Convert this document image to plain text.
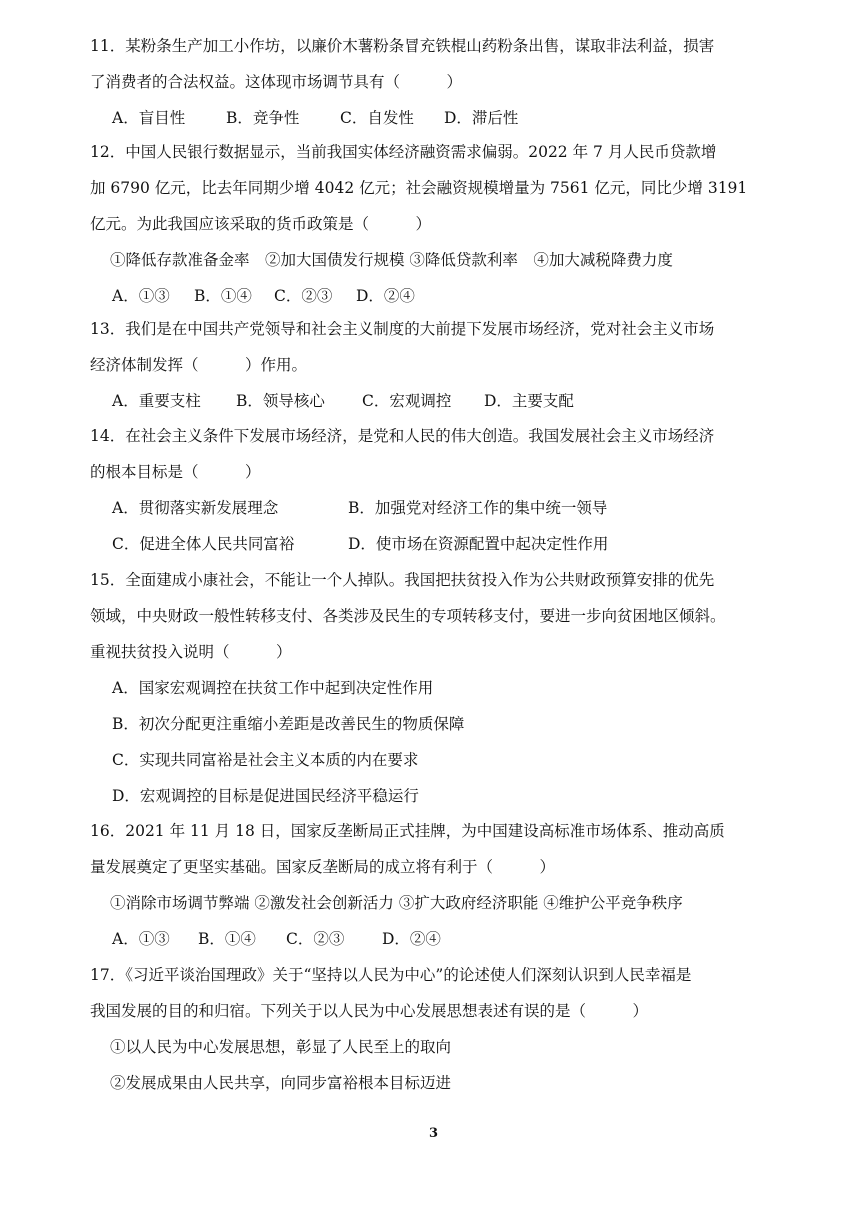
11．某粉条生产加工小作坊，以廉价木薯粉条冒充铁棍山药粉条出售，谋取非法利益，损害
了消费者的合法权益。这体现市场调节具有（　　　）
A．盲目性	B．竞争性	C．自发性 D．滞后性
12．中国人民银行数据显示，当前我国实体经济融资需求偏弱。2022 年 7 月人民币贷款增
加 6790 亿元，比去年同期少增 4042 亿元；社会融资规模增量为 7561 亿元，同比少增 3191
亿元。为此我国应该采取的货币政策是（　　　）
①降低存款准备金率　②加大国债发行规模 ③降低贷款利率　④加大减税降费力度
A．①③ B．①④ C．②③ D．②④
13．我们是在中国共产党领导和社会主义制度的大前提下发展市场经济，党对社会主义市场
经济体制发挥（　　　）作用。
A．重要支柱 B．领导核心 C．宏观调控 D．主要支配
14．在社会主义条件下发展市场经济，是党和人民的伟大创造。我国发展社会主义市场经济
的根本目标是（　　　）
A．贯彻落实新发展理念	B．加强党对经济工作的集中统一领导
C．促进全体人民共同富裕	D．使市场在资源配置中起决定性作用
15．全面建成小康社会，不能让一个人掉队。我国把扶贫投入作为公共财政预算安排的优先
领域，中央财政一般性转移支付、各类涉及民生的专项转移支付，要进一步向贫困地区倾斜。
重视扶贫投入说明（　　　）
A．国家宏观调控在扶贫工作中起到决定性作用
B．初次分配更注重缩小差距是改善民生的物质保障
C．实现共同富裕是社会主义本质的内在要求
D．宏观调控的目标是促进国民经济平稳运行
16．2021 年 11 月 18 日，国家反垄断局正式挂牌，为中国建设高标准市场体系、推动高质
量发展奠定了更坚实基础。国家反垄断局的成立将有利于（　　　）
①消除市场调节弊端 ②激发社会创新活力 ③扩大政府经济职能 ④维护公平竞争秩序
A．①③ B．①④ C．②③ D．②④
17．《习近平谈治国理政》关于“坚持以人民为中心”的论述使人们深刻认识到人民幸福是
我国发展的目的和归宿。下列关于以人民为中心发展思想表述有误的是（　　　）
①以人民为中心发展思想，彰显了人民至上的取向
②发展成果由人民共享，向同步富裕根本目标迈进
3
